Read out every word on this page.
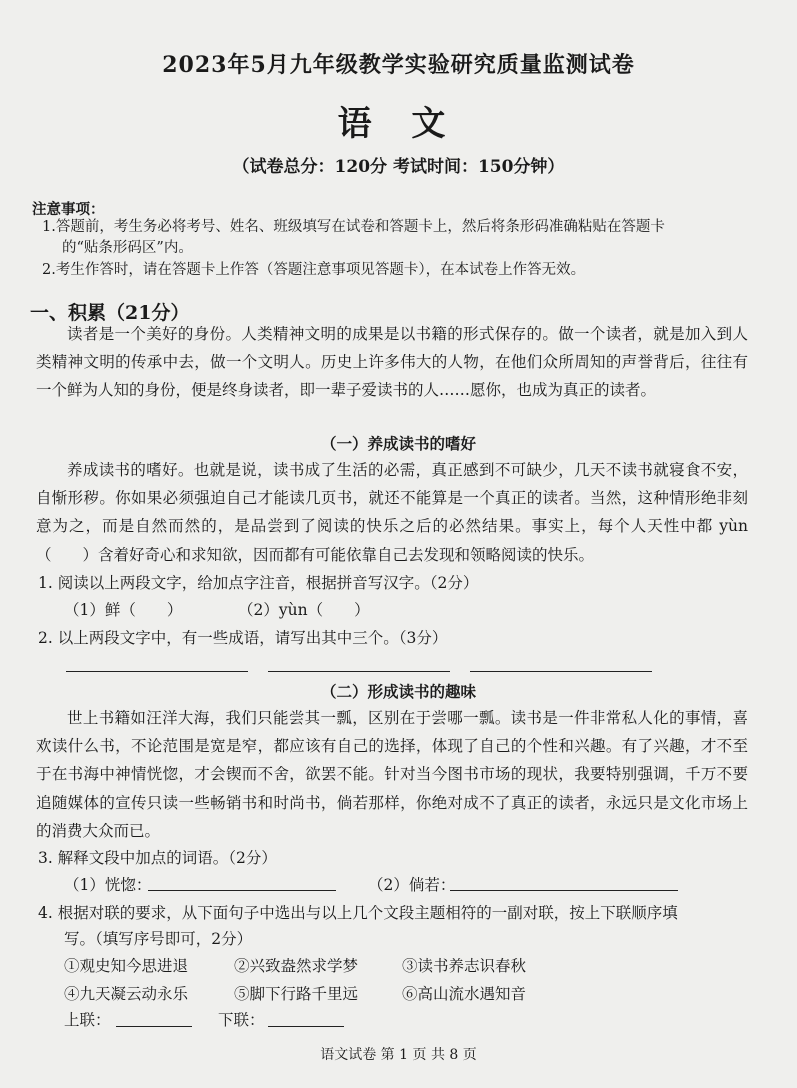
2023年5月九年级教学实验研究质量监测试卷
语 文
（试卷总分：120分 考试时间：150分钟）
注意事项：
1.答题前，考生务必将考号、姓名、班级填写在试卷和答题卡上，然后将条形码准确粘贴在答题卡
的“贴条形码区”内。
2.考生作答时，请在答题卡上作答（答题注意事项见答题卡），在本试卷上作答无效。
一、积累（21分）

读者是一个美好的身份。人类精神文明的成果是以书籍的形式保存的。做一个读者，就是加入到人类精神文明的传承中去，做一个文明人。历史上许多伟大的人物，在他们众所周知的声誉背后，往往有一个鲜为人知的身份，便是终身读者，即一辈子爱读书的人……愿你，也成为真正的读者。

（一）养成读书的嗜好

养成读书的嗜好。也就是说，读书成了生活的必需，真正感到不可缺少，几天不读书就寝食不安，自惭形秽。你如果必须强迫自己才能读几页书，就还不能算是一个真正的读者。当然，这种情形绝非刻意为之，而是自然而然的，是品尝到了阅读的快乐之后的必然结果。事实上，每个人天性中都 yùn（　　）含着好奇心和求知欲，因而都有可能依靠自己去发现和领略阅读的快乐。

1. 阅读以上两段文字，给加点字注音，根据拼音写汉字。（2分）
（1）鲜（　　）	（2）yùn（　　）
2. 以上两段文字中，有一些成语，请写出其中三个。（3分）
（二）形成读书的趣味

世上书籍如汪洋大海，我们只能尝其一瓢，区别在于尝哪一瓢。读书是一件非常私人化的事情，喜欢读什么书，不论范围是宽是窄，都应该有自己的选择，体现了自己的个性和兴趣。有了兴趣，才不至于在书海中神情恍惚，才会锲而不舍，欲罢不能。针对当今图书市场的现状，我要特别强调，千万不要追随媒体的宣传只读一些畅销书和时尚书，倘若那样，你绝对成不了真正的读者，永远只是文化市场上的消费大众而已。

3. 解释文段中加点的词语。（2分）
（1）恍惚：	（2）倘若：
4. 根据对联的要求，从下面句子中选出与以上几个文段主题相符的一副对联，按上下联顺序填
写。（填写序号即可，2分）
①观史知今思进退	②兴致盎然求学梦	③读书养志识春秋
④九天凝云动永乐	⑤脚下行路千里远	⑥高山流水遇知音
上联：	下联：
语文试卷 第 1 页 共 8 页
